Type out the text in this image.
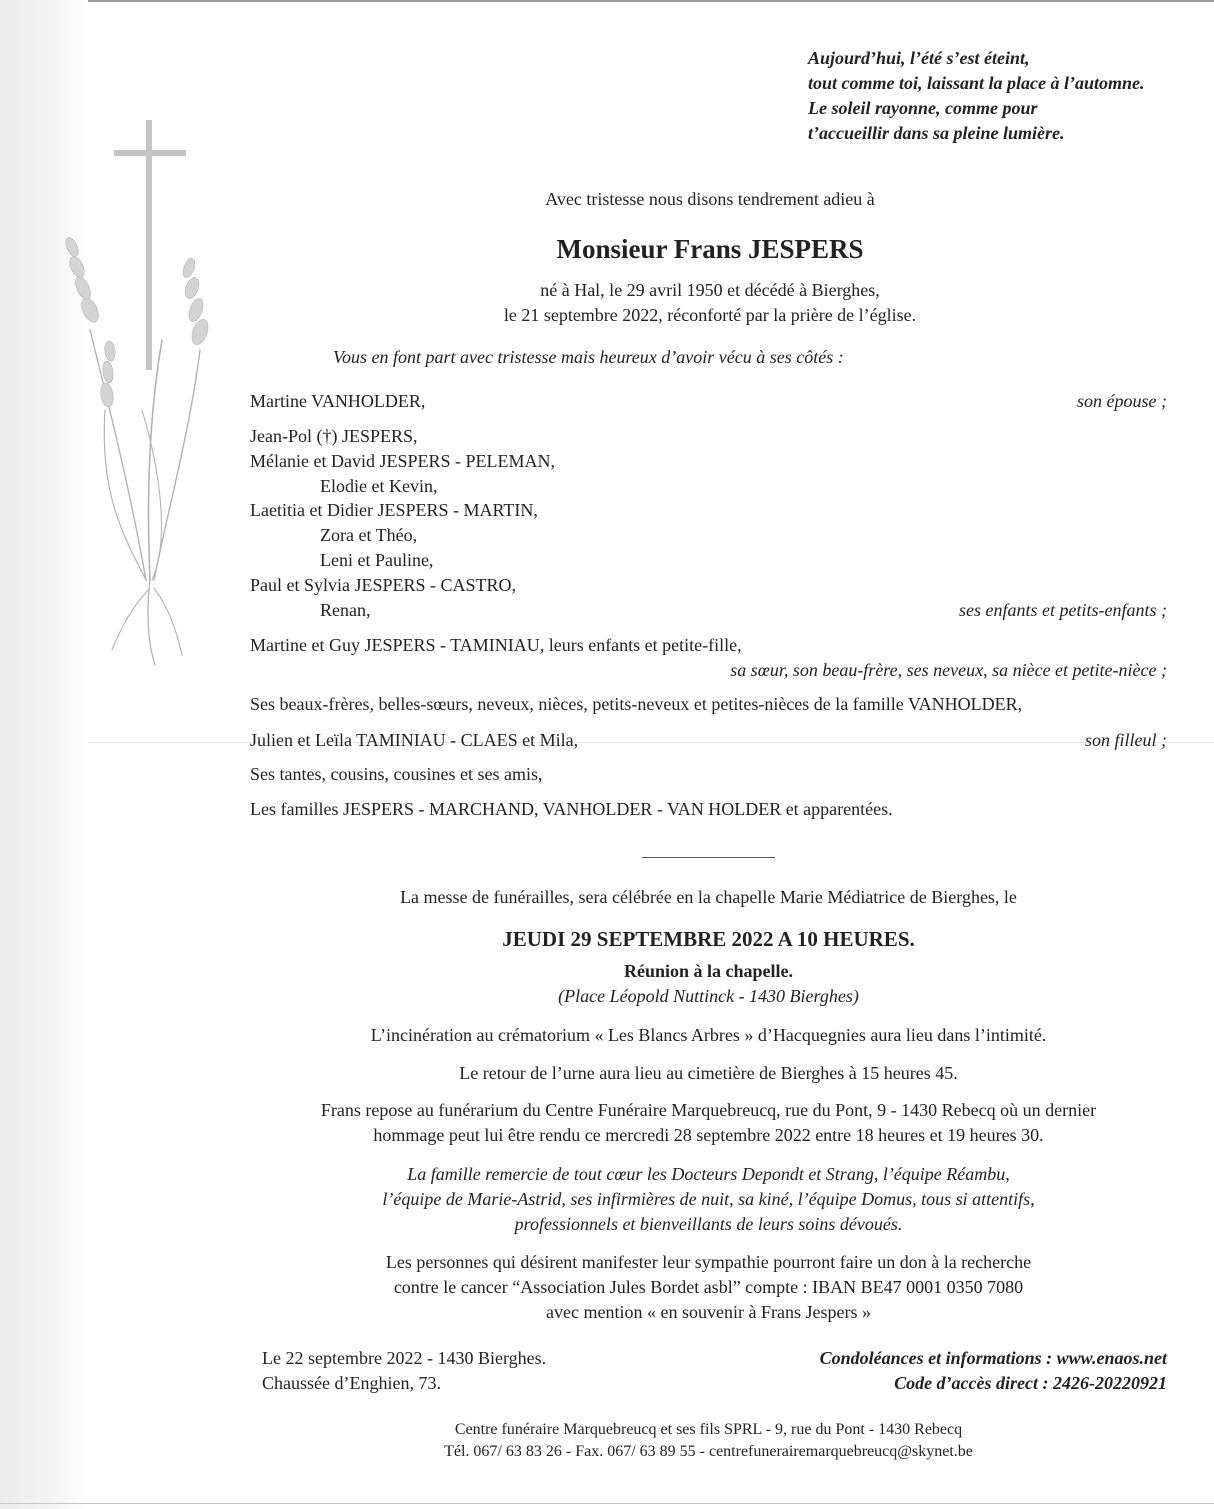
Aujourd’hui, l’été s’est éteint,
tout comme toi, laissant la place à l’automne.
Le soleil rayonne, comme pour
t’accueillir dans sa pleine lumière.
Avec tristesse nous disons tendrement adieu à
Monsieur Frans JESPERS
né à Hal, le 29 avril 1950 et décédé à Bierghes,
le 21 septembre 2022, réconforté par la prière de l’église.
Vous en font part avec tristesse mais heureux d’avoir vécu à ses côtés :
Martine VANHOLDER,	son épouse ;
Jean-Pol (†) JESPERS,
Mélanie et David JESPERS - PELEMAN,
Elodie et Kevin,
Laetitia et Didier JESPERS - MARTIN,
Zora et Théo,
Leni et Pauline,
Paul et Sylvia JESPERS - CASTRO,
Renan,	ses enfants et petits-enfants ;
Martine et Guy JESPERS - TAMINIAU, leurs enfants et petite-fille,
sa sœur, son beau-frère, ses neveux, sa nièce et petite-nièce ;
Ses beaux-frères, belles-sœurs, neveux, nièces, petits-neveux et petites-nièces de la famille VANHOLDER,
Julien et Leïla TAMINIAU - CLAES et Mila,	son filleul ;
Ses tantes, cousins, cousines et ses amis,
Les familles JESPERS - MARCHAND, VANHOLDER - VAN HOLDER et apparentées.
La messe de funérailles, sera célébrée en la chapelle Marie Médiatrice de Bierghes, le
JEUDI 29 SEPTEMBRE 2022 A 10 HEURES.
Réunion à la chapelle.
(Place Léopold Nuttinck - 1430 Bierghes)
L’incinération au crématorium « Les Blancs Arbres » d’Hacquegnies aura lieu dans l’intimité.
Le retour de l’urne aura lieu au cimetière de Bierghes à 15 heures 45.
Frans repose au funérarium du Centre Funéraire Marquebreucq, rue du Pont, 9 - 1430 Rebecq où un dernier
hommage peut lui être rendu ce mercredi 28 septembre 2022 entre 18 heures et 19 heures 30.
La famille remercie de tout cœur les Docteurs Depondt et Strang, l’équipe Réambu,
l’équipe de Marie-Astrid, ses infirmières de nuit, sa kiné, l’équipe Domus, tous si attentifs,
professionnels et bienveillants de leurs soins dévoués.
Les personnes qui désirent manifester leur sympathie pourront faire un don à la recherche
contre le cancer “Association Jules Bordet asbl” compte : IBAN BE47 0001 0350 7080
avec mention « en souvenir à Frans Jespers »
Le 22 septembre 2022 - 1430 Bierghes.
Chaussée d’Enghien, 73.
Condoléances et informations : www.enaos.net
Code d’accès direct : 2426-20220921
Centre funéraire Marquebreucq et ses fils SPRL - 9, rue du Pont - 1430 Rebecq
Tél. 067/ 63 83 26 - Fax. 067/ 63 89 55 - centrefunerairemarquebreucq@skynet.be
